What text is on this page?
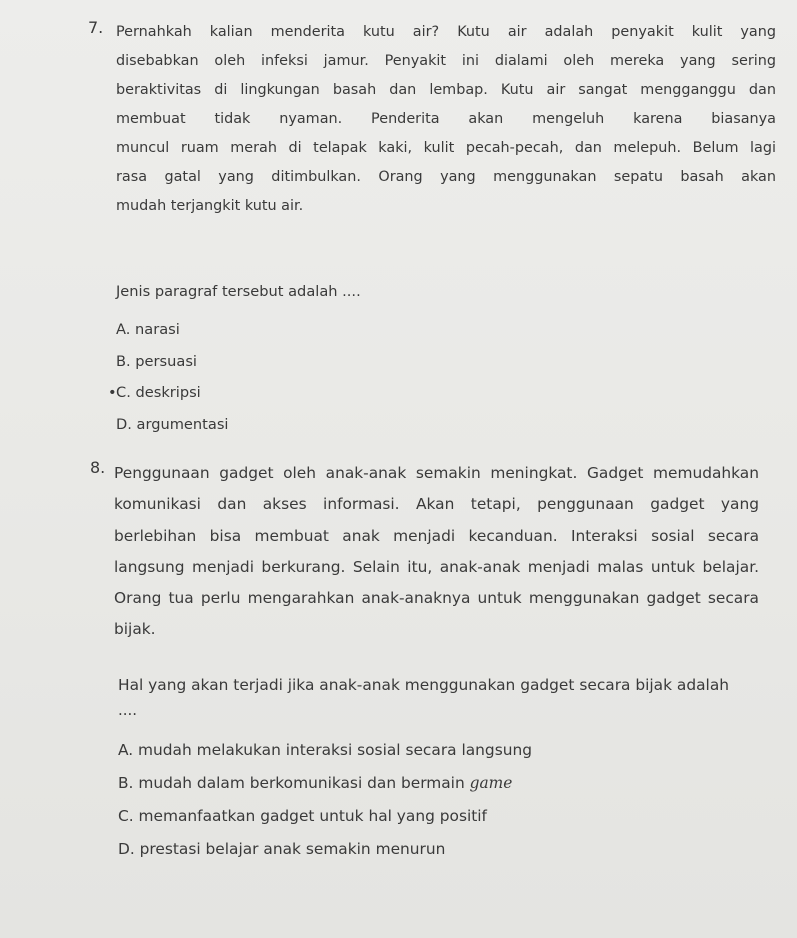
7. Pernahkah kalian menderita kutu air? Kutu air adalah penyakit kulit yang
disebabkan oleh infeksi jamur. Penyakit ini dialami oleh mereka yang sering
beraktivitas di lingkungan basah dan lembap. Kutu air sangat mengganggu dan
membuat tidak nyaman. Penderita akan mengeluh karena biasanya
muncul ruam merah di telapak kaki, kulit pecah-pecah, dan melepuh. Belum lagi
rasa gatal yang ditimbulkan. Orang yang menggunakan sepatu basah akan
mudah terjangkit kutu air.
Jenis paragraf tersebut adalah ....
A. narasi
B. persuasi
• C. deskripsi
D. argumentasi
8. Penggunaan gadget oleh anak-anak semakin meningkat. Gadget memudahkan
komunikasi dan akses informasi. Akan tetapi, penggunaan gadget yang
berlebihan bisa membuat anak menjadi kecanduan. Interaksi sosial secara
langsung menjadi berkurang. Selain itu, anak-anak menjadi malas untuk belajar.
Orang tua perlu mengarahkan anak-anaknya untuk menggunakan gadget secara
bijak.
Hal yang akan terjadi jika anak-anak menggunakan gadget secara bijak adalah
....
A. mudah melakukan interaksi sosial secara langsung
B. mudah dalam berkomunikasi dan bermain game
C. memanfaatkan gadget untuk hal yang positif
D. prestasi belajar anak semakin menurun
